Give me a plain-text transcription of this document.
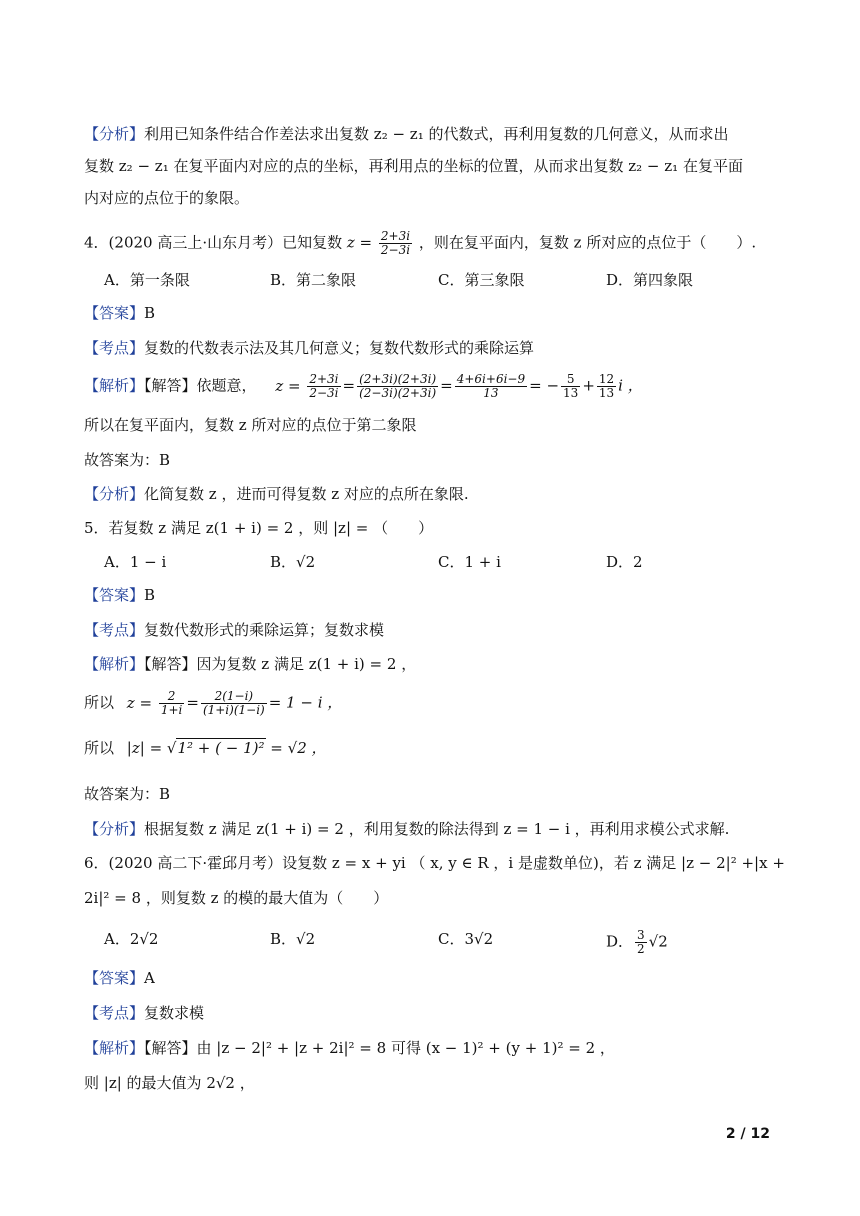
【分析】利用已知条件结合作差法求出复数 z₂ − z₁ 的代数式，再利用复数的几何意义，从而求出
复数 z₂ − z₁ 在复平面内对应的点的坐标，再利用点的坐标的位置，从而求出复数 z₂ − z₁ 在复平面
内对应的点位于的象限。
4．(2020 高三上·山东月考）已知复数 $z = \frac{2+3i}{2-3i}$ ，则在复平面内，复数 z 所对应的点位于（　　）.
A．第一条限	B．第二象限	C．第三象限	D．第四象限
【答案】B
【考点】复数的代数表示法及其几何意义；复数代数形式的乘除运算
【解析】【解答】依题意， $z = \frac{2+3i}{2-3i} = \frac{(2+3i)(2+3i)}{(2-3i)(2+3i)} = \frac{4+6i+6i-9}{13}$ = − $\frac{5}{13} + \frac{12}{13}$ i ，
所以在复平面内，复数 z 所对应的点位于第二象限
故答案为：B
【分析】化简复数 z ，进而可得复数 z 对应的点所在象限.
5．若复数 z 满足 z(1 + i) = 2 ，则 |z| = （　　）
A．1 − i	B．√2	C．1 + i	D．2
【答案】B
【考点】复数代数形式的乘除运算；复数求模
【解析】【解答】因为复数 z 满足 z(1 + i) = 2 ，
所以 $z = \frac{2}{1+i} = \frac{2(1-i)}{(1+i)(1-i)} = 1 - i$ ，
所以 |z| = √1² + ( − 1)² = √2 ，
故答案为：B
【分析】根据复数 z 满足 z(1 + i) = 2 ，利用复数的除法得到 z = 1 − i ，再利用求模公式求解.
6．(2020 高二下·霍邱月考）设复数 z = x + yi （ x, y ∈ R ，i 是虚数单位)，若 z 满足 |z − 2|² +|x +
2i|² = 8 ，则复数 z 的模的最大值为（　　）
A．2√2	B．√2	C．3√2	D． $\frac{3}{2} √2$
【答案】A
【考点】复数求模
【解析】【解答】由 |z − 2|² + |z + 2i|² = 8 可得 (x − 1)² + (y + 1)² = 2 ，
则 |z| 的最大值为 2√2 ，
2 / 12
